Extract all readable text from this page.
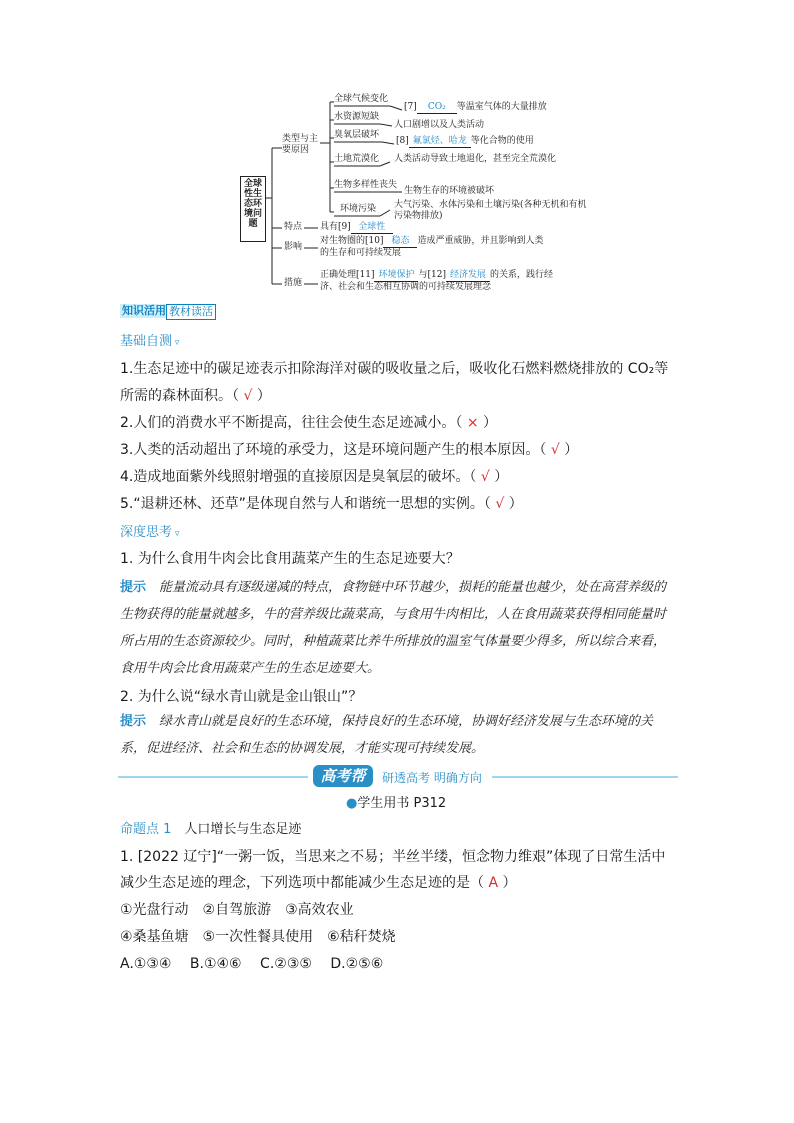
全球性生态环境问题
类型与主要原因
特点
影响
措施
全球气候变化
[7] CO₂ 等温室气体的大量排放
水资源短缺
人口剧增以及人类活动
臭氧层破坏
[8] 氟氯烃、哈龙 等化合物的使用
土地荒漠化 人类活动导致土地退化，甚至完全荒漠化
生物多样性丧失
生物生存的环境被破坏
环境污染 大气污染、水体污染和土壤污染(各种无机和有机污染物排放)
具有[9] 全球性
对生物圈的[10] 稳态 造成严重威胁，并且影响到人类的生存和可持续发展
正确处理[11] 环境保护 与[12] 经济发展 的关系，践行经济、社会和生态相互协调的可持续发展理念
知识活用 教材读活
基础自测 ▿
1.生态足迹中的碳足迹表示扣除海洋对碳的吸收量之后，吸收化石燃料燃烧排放的 CO₂等
所需的森林面积。（ √ ）
2.人们的消费水平不断提高，往往会使生态足迹减小。（ × ）
3.人类的活动超出了环境的承受力，这是环境问题产生的根本原因。（ √ ）
4.造成地面紫外线照射增强的直接原因是臭氧层的破坏。（ √ ）
5.“退耕还林、还草”是体现自然与人和谐统一思想的实例。（ √ ）
深度思考 ▿
1. 为什么食用牛肉会比食用蔬菜产生的生态足迹要大？
提示　 能量流动具有逐级递减的特点，食物链中环节越少，损耗的能量也越少，处在高营养级的生物获得的能量就越多，牛的营养级比蔬菜高，与食用牛肉相比，人在食用蔬菜获得相同能量时所占用的生态资源较少。同时，种植蔬菜比养牛所排放的温室气体量要少得多，所以综合来看，食用牛肉会比食用蔬菜产生的生态足迹要大。
2. 为什么说“绿水青山就是金山银山”？
提示　 绿水青山就是良好的生态环境，保持良好的生态环境，协调好经济发展与生态环境的关系，促进经济、社会和生态的协调发展，才能实现可持续发展。
高考帮	研透高考 明确方向
●学生用书 P312
命题点 1　 人口增长与生态足迹
1. [2022 辽宁]“一粥一饭，当思来之不易；半丝半缕，恒念物力维艰”体现了日常生活中
减少生态足迹的理念，下列选项中都能减少生态足迹的是（ A ）
①光盘行动　②自驾旅游　③高效农业
④桑基鱼塘　⑤一次性餐具使用　⑥秸秆焚烧
A.①③④　 B.①④⑥　 C.②③⑤　 D.②⑤⑥
